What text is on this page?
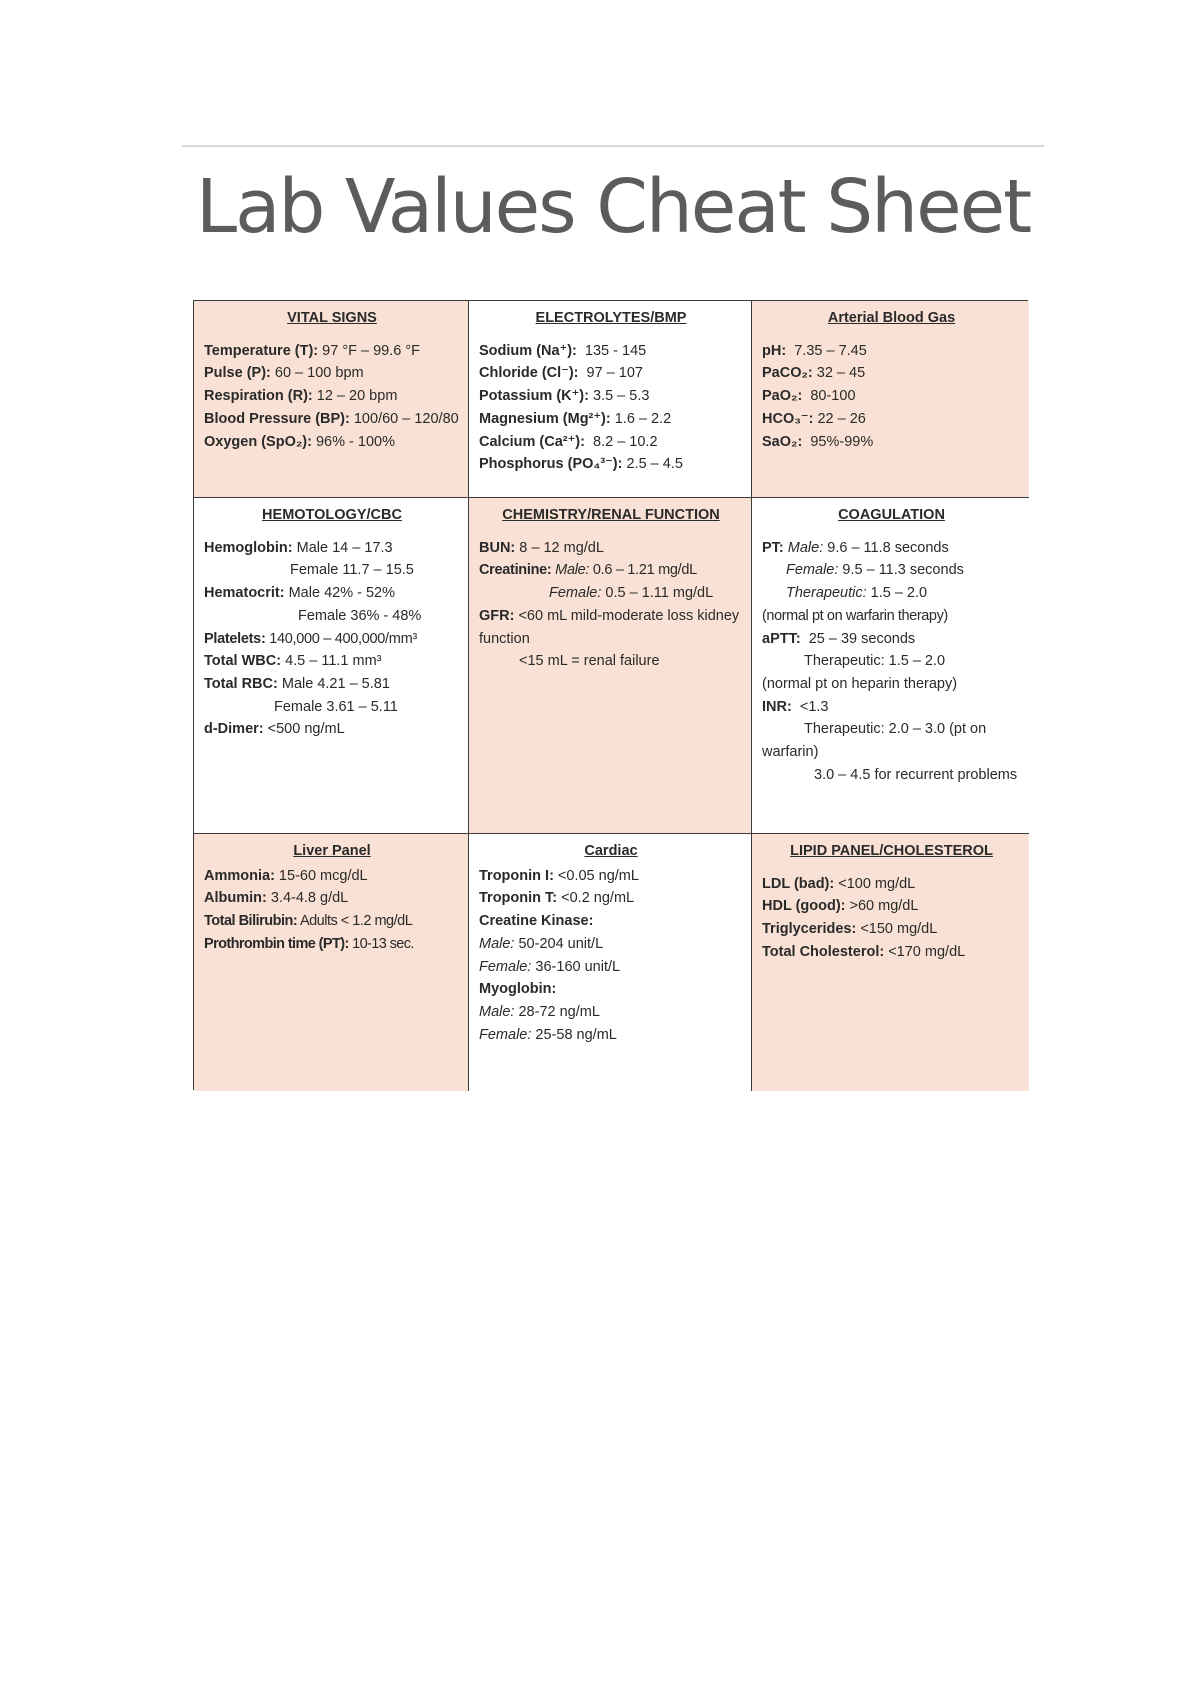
Lab Values Cheat Sheet
VITAL SIGNS
Temperature (T): 97 °F – 99.6 °F
Pulse (P): 60 – 100 bpm
Respiration (R): 12 – 20 bpm
Blood Pressure (BP): 100/60 – 120/80
Oxygen (SpO₂): 96% - 100%
ELECTROLYTES/BMP
Sodium (Na⁺):  135 - 145
Chloride (Cl⁻):  97 – 107
Potassium (K⁺): 3.5 – 5.3
Magnesium (Mg²⁺): 1.6 – 2.2
Calcium (Ca²⁺):  8.2 – 10.2
Phosphorus (PO₄³⁻): 2.5 – 4.5
Arterial Blood Gas
pH:  7.35 – 7.45
PaCO₂: 32 – 45
PaO₂:  80-100
HCO₃⁻: 22 – 26
SaO₂:  95%-99%
HEMOTOLOGY/CBC
Hemoglobin: Male 14 – 17.3
Female 11.7 – 15.5
Hematocrit: Male 42% - 52%
Female 36% - 48%
Platelets: 140,000 – 400,000/mm³
Total WBC: 4.5 – 11.1 mm³
Total RBC: Male 4.21 – 5.81
Female 3.61 – 5.11
d-Dimer: <500 ng/mL
CHEMISTRY/RENAL FUNCTION
BUN: 8 – 12 mg/dL
Creatinine: Male: 0.6 – 1.21 mg/dL
Female: 0.5 – 1.11 mg/dL
GFR: <60 mL mild-moderate loss kidney function
<15 mL = renal failure
COAGULATION
PT: Male: 9.6 – 11.8 seconds
Female: 9.5 – 11.3 seconds
Therapeutic: 1.5 – 2.0
(normal pt on warfarin therapy)
aPTT:  25 – 39 seconds
Therapeutic: 1.5 – 2.0
(normal pt on heparin therapy)
INR:  <1.3
Therapeutic: 2.0 – 3.0 (pt on warfarin)
3.0 – 4.5 for recurrent problems
Liver Panel
Ammonia: 15-60 mcg/dL
Albumin: 3.4-4.8 g/dL
Total Bilirubin: Adults < 1.2 mg/dL
Prothrombin time (PT): 10-13 sec.
Cardiac
Troponin I: <0.05 ng/mL
Troponin T: <0.2 ng/mL
Creatine Kinase:
Male: 50-204 unit/L
Female: 36-160 unit/L
Myoglobin:
Male: 28-72 ng/mL
Female: 25-58 ng/mL
LIPID PANEL/CHOLESTEROL
LDL (bad): <100 mg/dL
HDL (good): >60 mg/dL
Triglycerides: <150 mg/dL
Total Cholesterol: <170 mg/dL
